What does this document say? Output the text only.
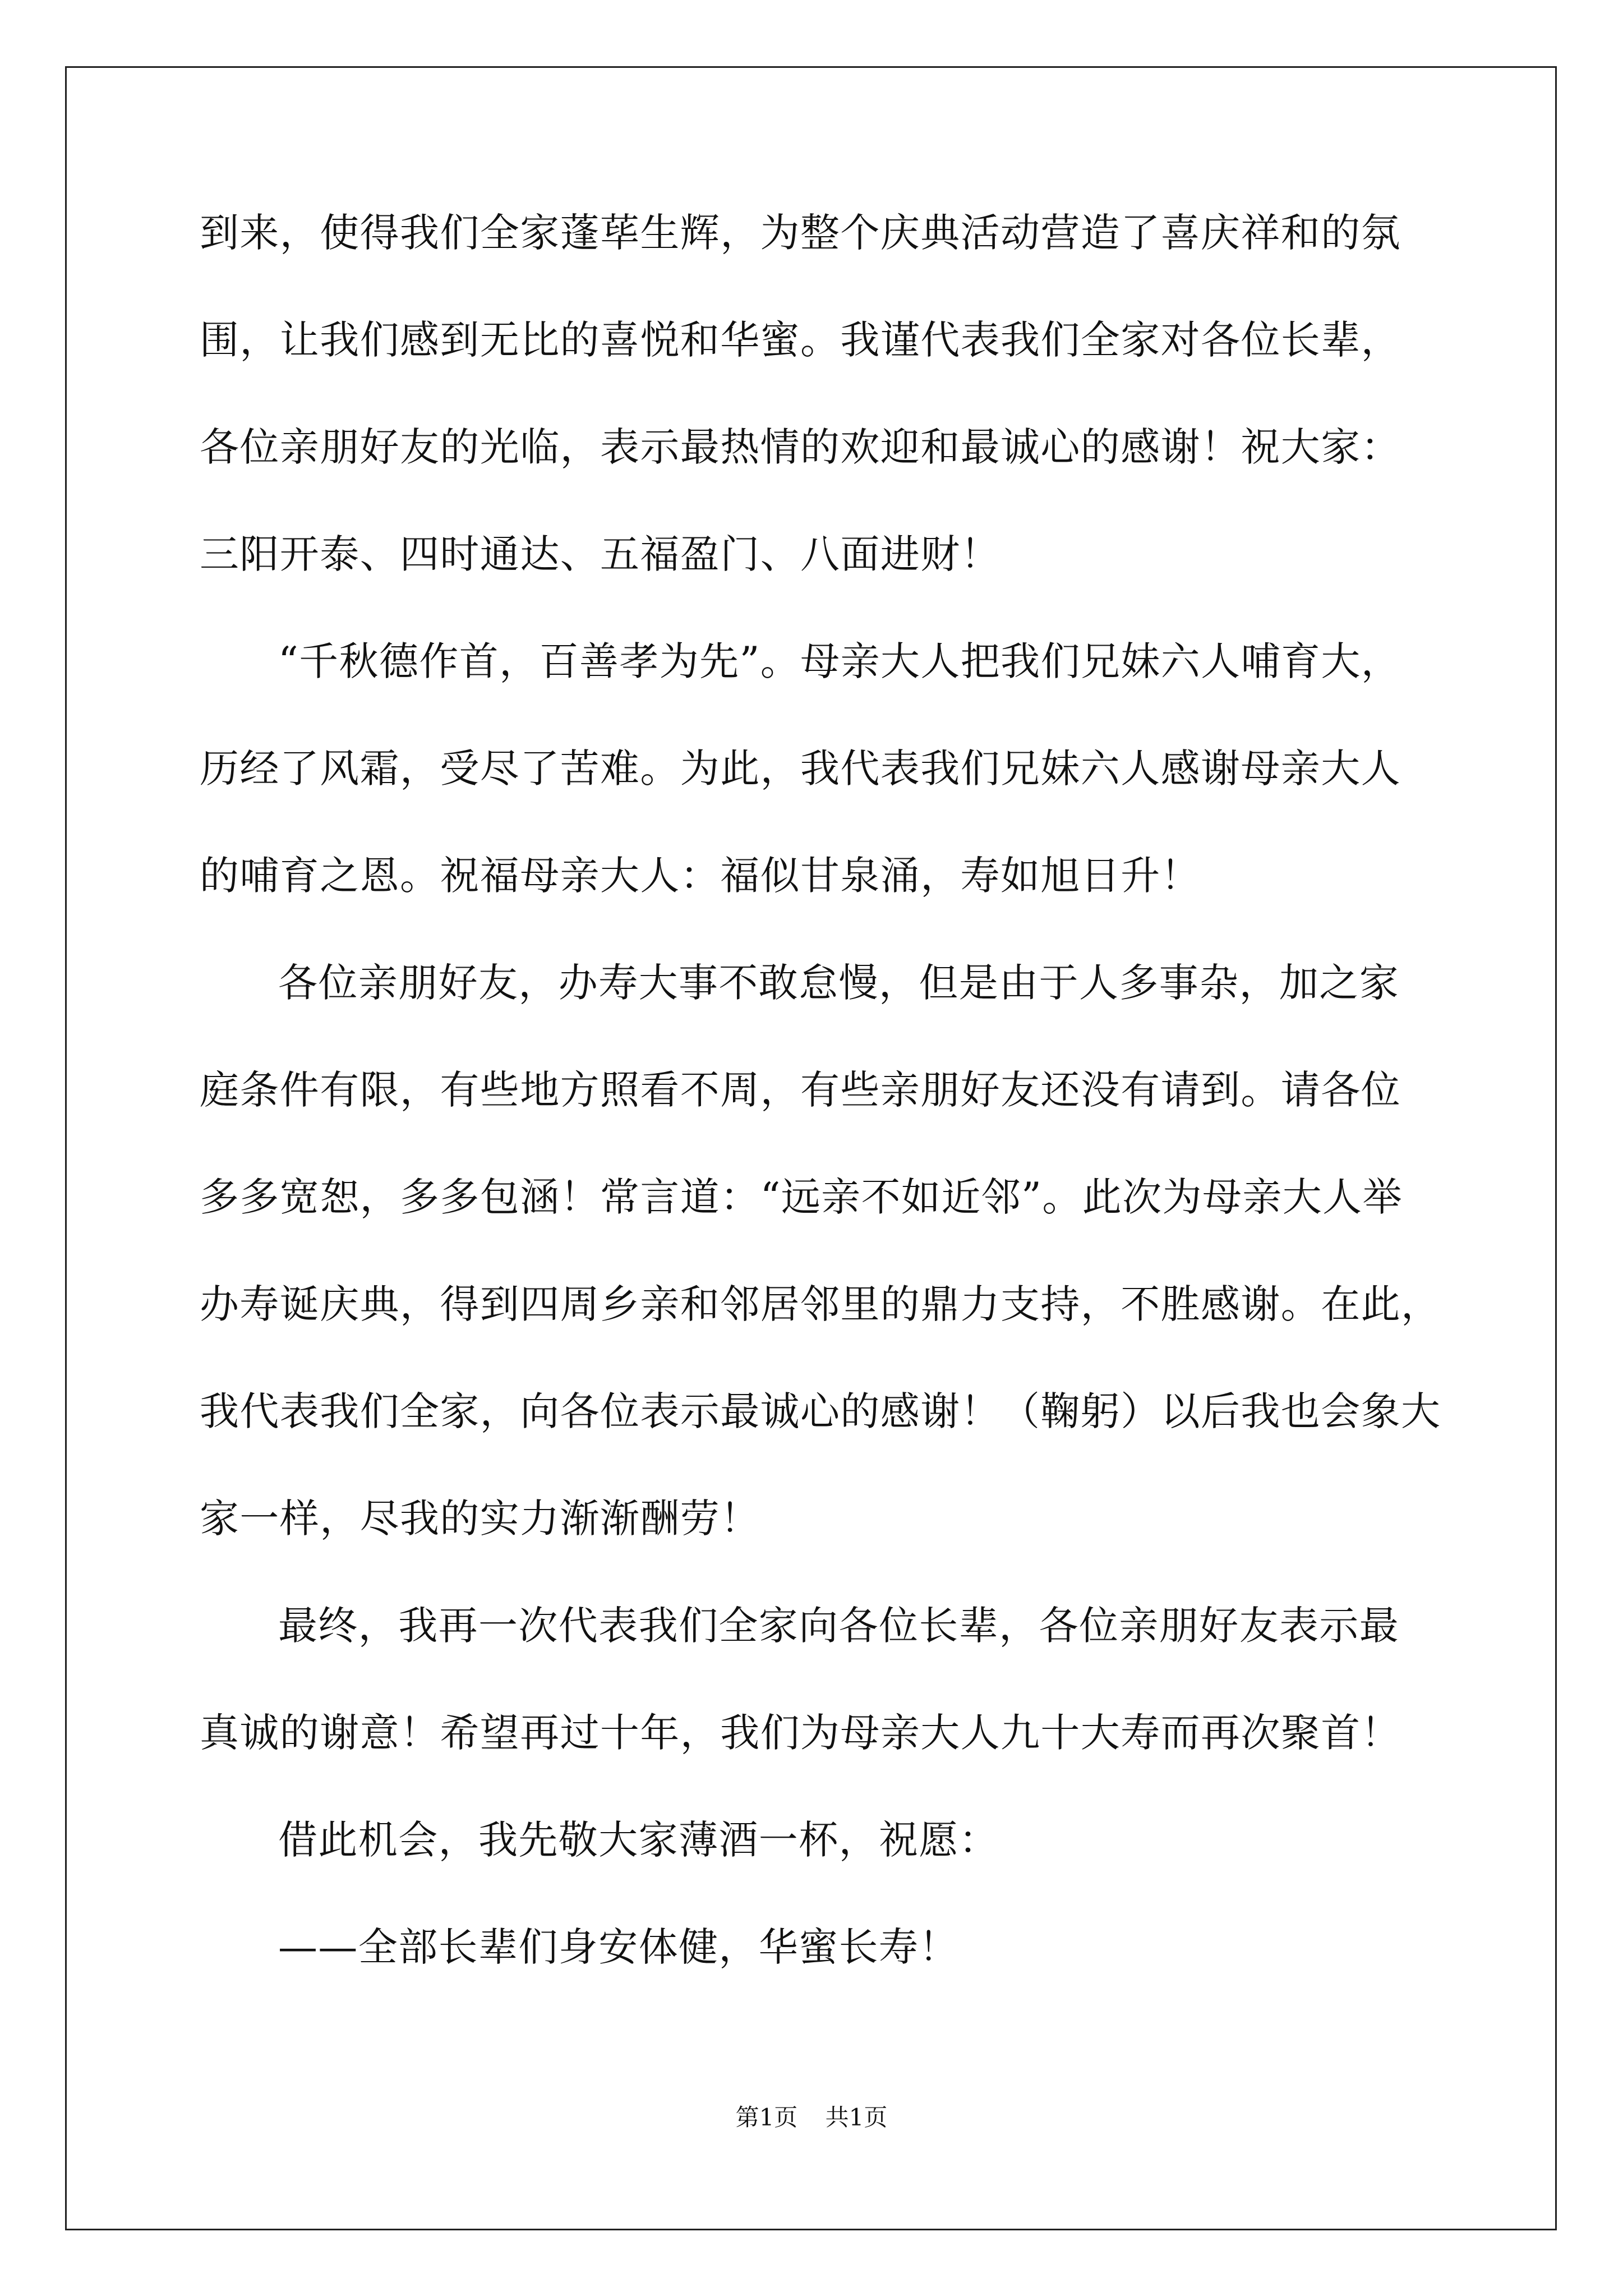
到来，使得我们全家蓬荜生辉，为整个庆典活动营造了喜庆祥和的氛
围，让我们感到无比的喜悦和华蜜。我谨代表我们全家对各位长辈，
各位亲朋好友的光临，表示最热情的欢迎和最诚心的感谢！祝大家：
三阳开泰、四时通达、五福盈门、八面进财！
“千秋德作首，百善孝为先”。母亲大人把我们兄妹六人哺育大，
历经了风霜，受尽了苦难。为此，我代表我们兄妹六人感谢母亲大人
的哺育之恩。祝福母亲大人：福似甘泉涌，寿如旭日升！
各位亲朋好友，办寿大事不敢怠慢，但是由于人多事杂，加之家
庭条件有限，有些地方照看不周，有些亲朋好友还没有请到。请各位
多多宽恕，多多包涵！常言道：“远亲不如近邻”。此次为母亲大人举
办寿诞庆典，得到四周乡亲和邻居邻里的鼎力支持，不胜感谢。在此，
我代表我们全家，向各位表示最诚心的感谢！（鞠躬）以后我也会象大
家一样，尽我的实力渐渐酬劳！
最终，我再一次代表我们全家向各位长辈，各位亲朋好友表示最
真诚的谢意！希望再过十年，我们为母亲大人九十大寿而再次聚首！
借此机会，我先敬大家薄酒一杯，祝愿：
——全部长辈们身安体健，华蜜长寿！
第1页 共1页
